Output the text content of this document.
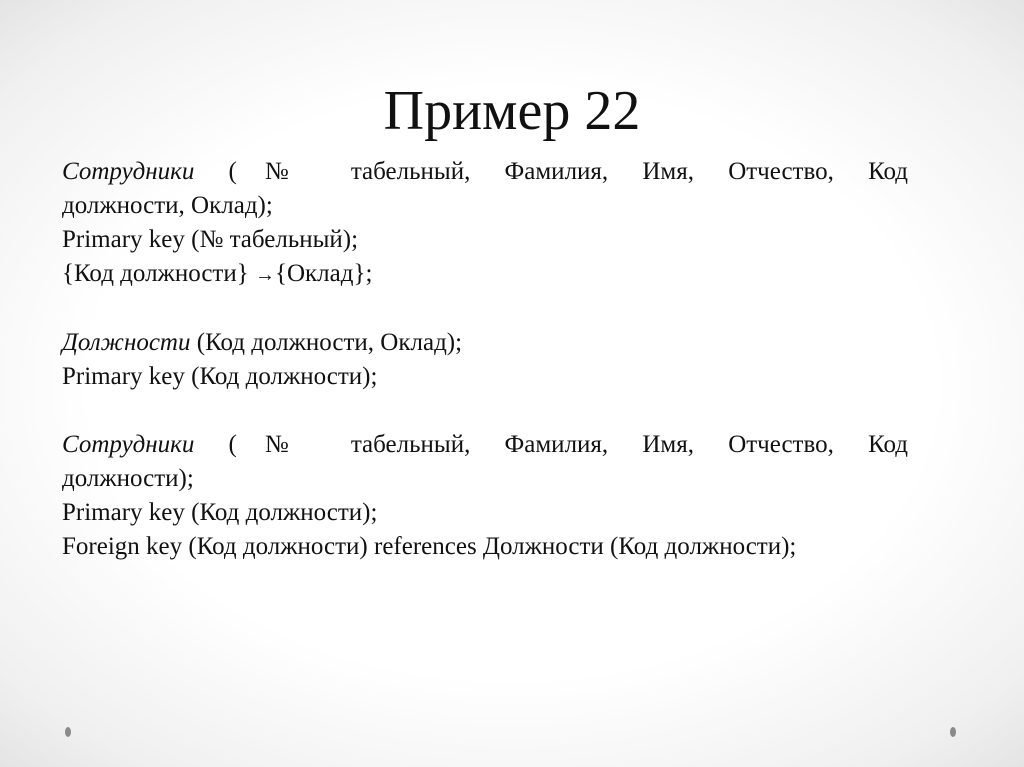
Пример 22
Сотрудники (№ табельный, Фамилия, Имя, Отчество, Код
должности, Оклад);
Primary key (№ табельный);
{Код должности} →{Оклад};
Должности (Код должности, Оклад);
Primary key (Код должности);
Сотрудники (№ табельный, Фамилия, Имя, Отчество, Код
должности);
Primary key (Код должности);
Foreign key (Код должности) references Должности (Код должности);
